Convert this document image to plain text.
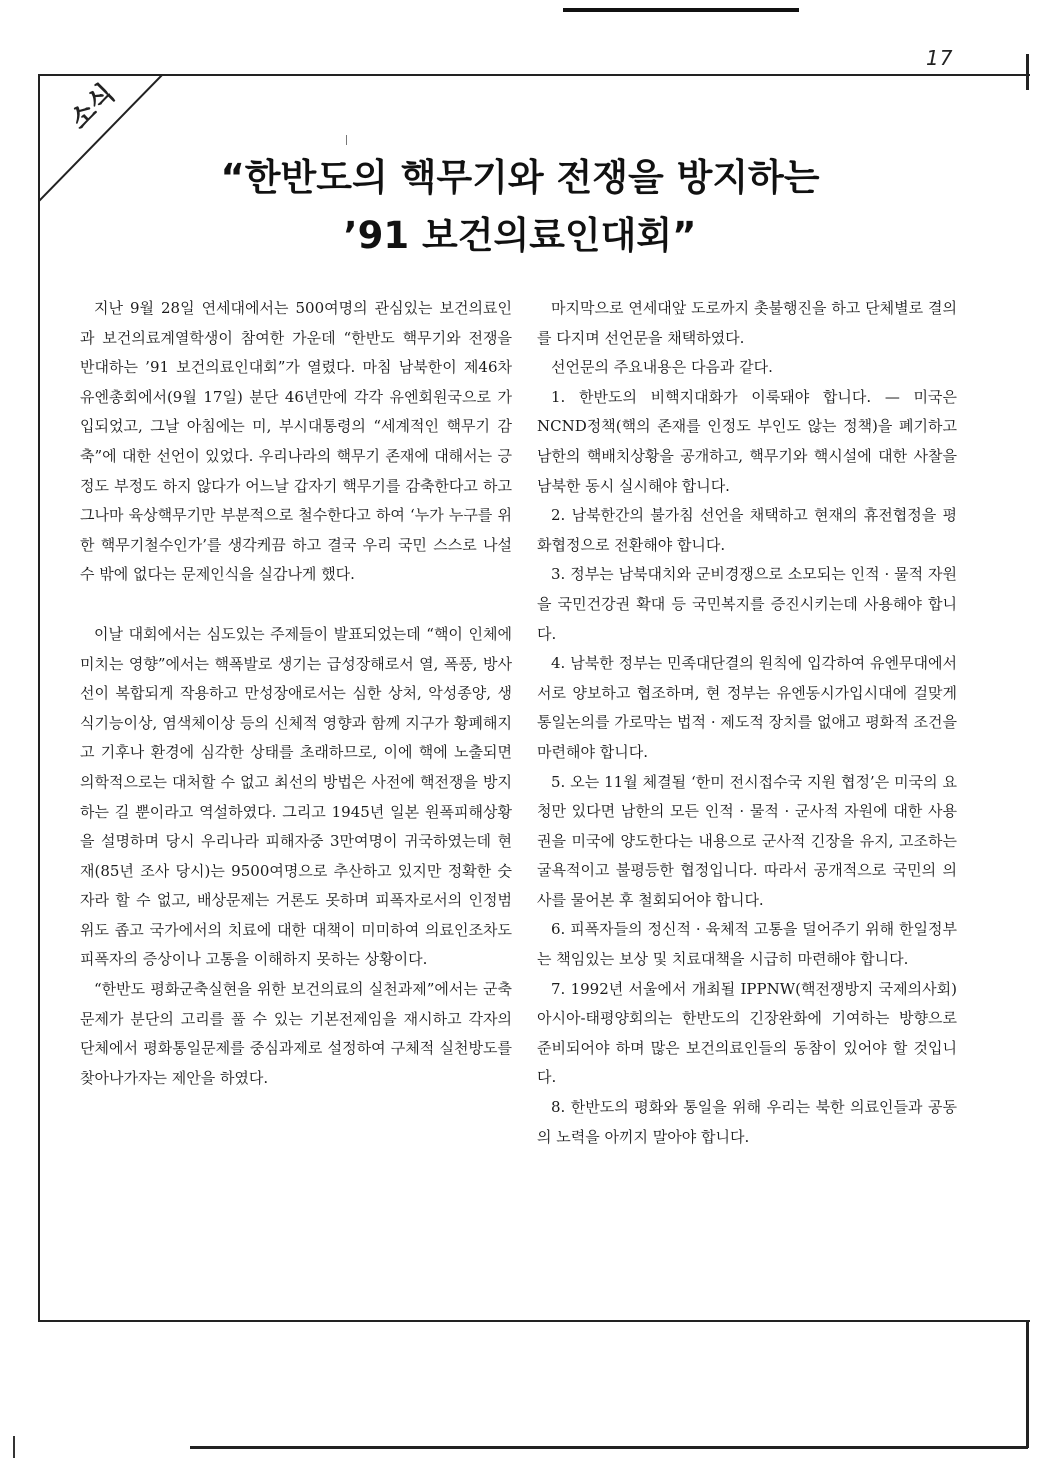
17
소식
“한반도의 핵무기와 전쟁을 방지하는
’91 보건의료인대회”

지난 9월 28일 연세대에서는 500여명의 관심있는 보건의료인과 보건의료계열학생이 참여한 가운데 “한반도 핵무기와 전쟁을 반대하는 ’91 보건의료인대회”가 열렸다. 마침 남북한이 제46차 유엔총회에서(9월 17일) 분단 46년만에 각각 유엔회원국으로 가입되었고, 그날 아침에는 미, 부시대통령의 “세계적인 핵무기 감축”에 대한 선언이 있었다. 우리나라의 핵무기 존재에 대해서는 긍정도 부정도 하지 않다가 어느날 갑자기 핵무기를 감축한다고 하고 그나마 육상핵무기만 부분적으로 철수한다고 하여 ‘누가 누구를 위한 핵무기철수인가’를 생각케끔 하고 결국 우리 국민 스스로 나설 수 밖에 없다는 문제인식을 실감나게 했다.

이날 대회에서는 심도있는 주제들이 발표되었는데 “핵이 인체에 미치는 영향”에서는 핵폭발로 생기는 급성장해로서 열, 폭풍, 방사선이 복합되게 작용하고 만성장애로서는 심한 상처, 악성종양, 생식기능이상, 염색체이상 등의 신체적 영향과 함께 지구가 황폐해지고 기후나 환경에 심각한 상태를 초래하므로, 이에 핵에 노출되면 의학적으로는 대처할 수 없고 최선의 방법은 사전에 핵전쟁을 방지하는 길 뿐이라고 역설하였다. 그리고 1945년 일본 원폭피해상황을 설명하며 당시 우리나라 피해자중 3만여명이 귀국하였는데 현재(85년 조사 당시)는 9500여명으로 추산하고 있지만 정확한 숫자라 할 수 없고, 배상문제는 거론도 못하며 피폭자로서의 인정범위도 좁고 국가에서의 치료에 대한 대책이 미미하여 의료인조차도 피폭자의 증상이나 고통을 이해하지 못하는 상황이다.

“한반도 평화군축실현을 위한 보건의료의 실천과제”에서는 군축문제가 분단의 고리를 풀 수 있는 기본전제임을 재시하고 각자의 단체에서 평화통일문제를 중심과제로 설정하여 구체적 실천방도를 찾아나가자는 제안을 하였다.

마지막으로 연세대앞 도로까지 촛불행진을 하고 단체별로 결의를 다지며 선언문을 채택하였다.

선언문의 주요내용은 다음과 같다.

1. 한반도의 비핵지대화가 이룩돼야 합니다. — 미국은 NCND정책(핵의 존재를 인정도 부인도 않는 정책)을 폐기하고 남한의 핵배치상황을 공개하고, 핵무기와 핵시설에 대한 사찰을 남북한 동시 실시해야 합니다.

2. 남북한간의 불가침 선언을 채택하고 현재의 휴전협정을 평화협정으로 전환해야 합니다.

3. 정부는 남북대치와 군비경쟁으로 소모되는 인적 · 물적 자원을 국민건강권 확대 등 국민복지를 증진시키는데 사용해야 합니다.

4. 남북한 정부는 민족대단결의 원칙에 입각하여 유엔무대에서 서로 양보하고 협조하며, 현 정부는 유엔동시가입시대에 걸맞게 통일논의를 가로막는 법적 · 제도적 장치를 없애고 평화적 조건을 마련해야 합니다.

5. 오는 11월 체결될 ‘한미 전시접수국 지원 협정’은 미국의 요청만 있다면 남한의 모든 인적 · 물적 · 군사적 자원에 대한 사용권을 미국에 양도한다는 내용으로 군사적 긴장을 유지, 고조하는 굴욕적이고 불평등한 협정입니다. 따라서 공개적으로 국민의 의사를 물어본 후 철회되어야 합니다.

6. 피폭자들의 정신적 · 육체적 고통을 덜어주기 위해 한일정부는 책임있는 보상 및 치료대책을 시급히 마련해야 합니다.

7. 1992년 서울에서 개최될 IPPNW(핵전쟁방지 국제의사회) 아시아-태평양회의는 한반도의 긴장완화에 기여하는 방향으로 준비되어야 하며 많은 보건의료인들의 동참이 있어야 할 것입니다.

8. 한반도의 평화와 통일을 위해 우리는 북한 의료인들과 공동의 노력을 아끼지 말아야 합니다.
